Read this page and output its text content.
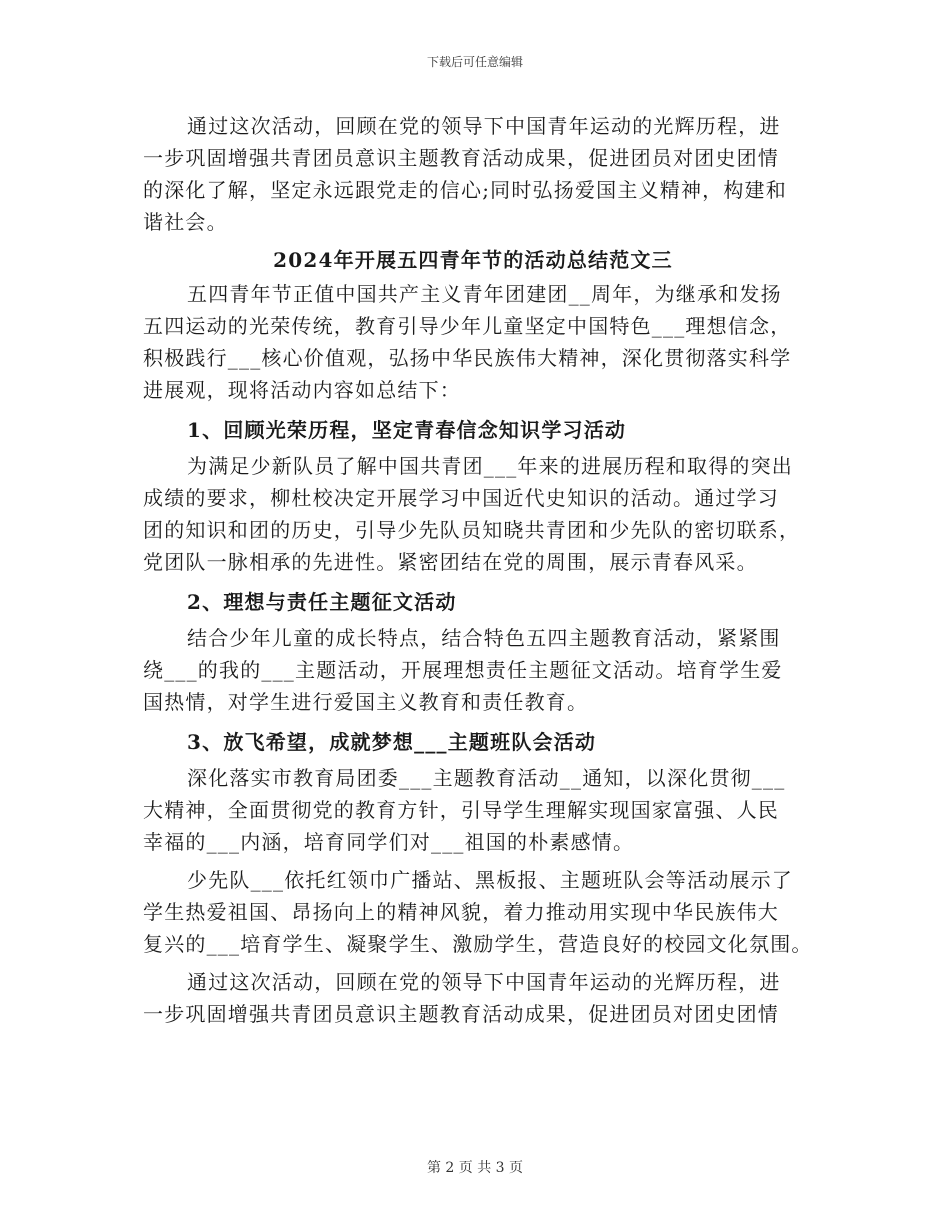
下载后可任意编辑
通过这次活动，回顾在党的领导下中国青年运动的光辉历程，进
一步巩固增强共青团员意识主题教育活动成果，促进团员对团史团情
的深化了解，坚定永远跟党走的信心;同时弘扬爱国主义精神，构建和
谐社会。
2024年开展五四青年节的活动总结范文三
五四青年节正值中国共产主义青年团建团__周年，为继承和发扬
五四运动的光荣传统，教育引导少年儿童坚定中国特色___理想信念，
积极践行___核心价值观，弘扬中华民族伟大精神，深化贯彻落实科学
进展观，现将活动内容如总结下：
1、回顾光荣历程，坚定青春信念知识学习活动
为满足少新队员了解中国共青团___年来的进展历程和取得的突出
成绩的要求，柳杜校决定开展学习中国近代史知识的活动。通过学习
团的知识和团的历史，引导少先队员知晓共青团和少先队的密切联系，
党团队一脉相承的先进性。紧密团结在党的周围，展示青春风采。
2、理想与责任主题征文活动
结合少年儿童的成长特点，结合特色五四主题教育活动，紧紧围
绕___的我的___主题活动，开展理想责任主题征文活动。培育学生爱
国热情，对学生进行爱国主义教育和责任教育。
3、放飞希望，成就梦想___主题班队会活动
深化落实市教育局团委___主题教育活动__通知，以深化贯彻___
大精神，全面贯彻党的教育方针，引导学生理解实现国家富强、人民
幸福的___内涵，培育同学们对___祖国的朴素感情。
少先队___依托红领巾广播站、黑板报、主题班队会等活动展示了
学生热爱祖国、昂扬向上的精神风貌，着力推动用实现中华民族伟大
复兴的___培育学生、凝聚学生、激励学生，营造良好的校园文化氛围。
通过这次活动，回顾在党的领导下中国青年运动的光辉历程，进
一步巩固增强共青团员意识主题教育活动成果，促进团员对团史团情
第 2 页 共 3 页
